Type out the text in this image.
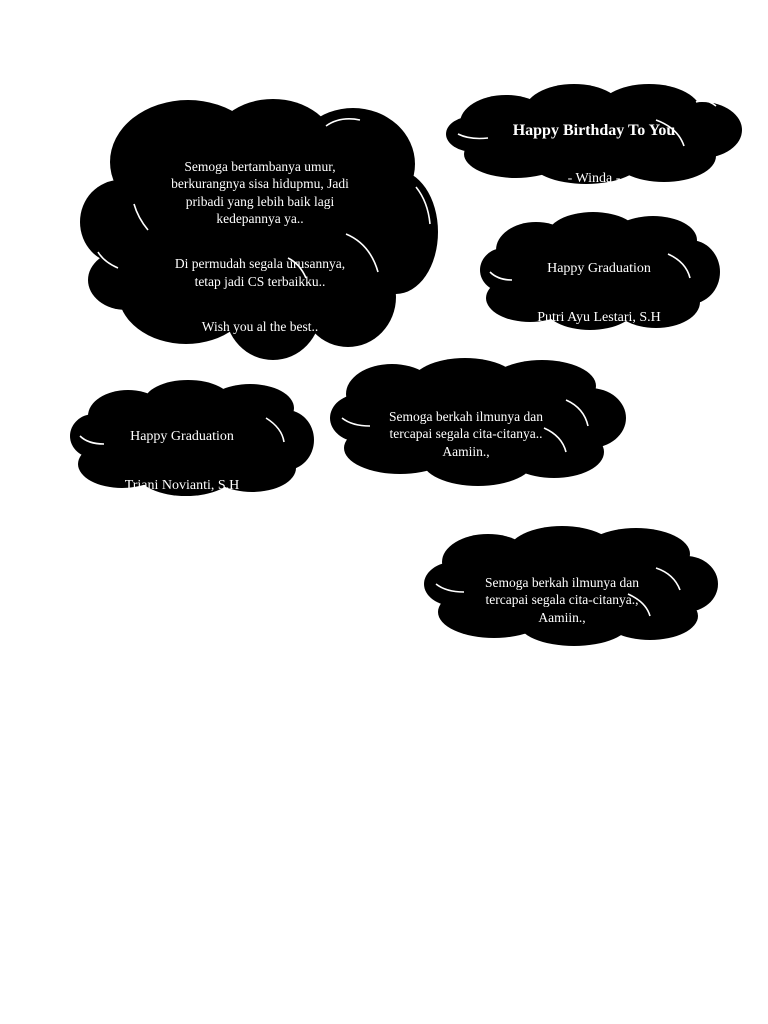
Semoga bertambanya umur,
berkurangnya sisa hidupmu, Jadi
pribadi yang lebih baik lagi
kedepannya ya..

Di permudah segala urusannya,
tetap jadi CS terbaikku..

Wish you al the best..

Happy Birthday To You

- Winda -

Happy Graduation

Putri Ayu Lestari, S.H

Happy Graduation

Triani Novianti, S.H

Semoga berkah ilmunya dan
tercapai segala cita-citanya..
Aamiin.,

Semoga berkah ilmunya dan
tercapai segala cita-citanya.,
Aamiin.,
